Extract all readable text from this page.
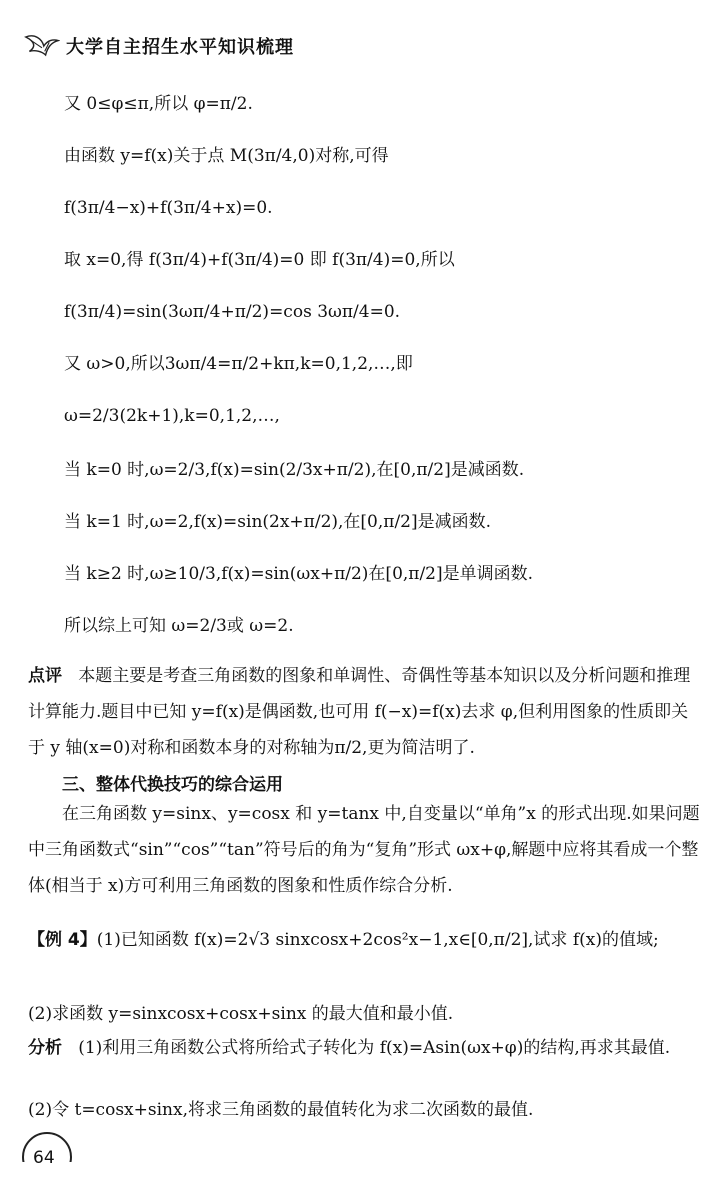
大学自主招生水平知识梳理
又 0≤φ≤π,所以 φ=π/2.
由函数 y=f(x)关于点 M(3π/4,0)对称,可得
f(3π/4−x)+f(3π/4+x)=0.
取 x=0,得 f(3π/4)+f(3π/4)=0 即 f(3π/4)=0,所以
f(3π/4)=sin(3ωπ/4+π/2)=cos 3ωπ/4=0.
又 ω>0,所以3ωπ/4=π/2+kπ,k=0,1,2,…,即
ω=2/3(2k+1),k=0,1,2,…,
当 k=0 时,ω=2/3,f(x)=sin(2/3x+π/2),在[0,π/2]是减函数.
当 k=1 时,ω=2,f(x)=sin(2x+π/2),在[0,π/2]是减函数.
当 k≥2 时,ω≥10/3,f(x)=sin(ωx+π/2)在[0,π/2]是单调函数.
所以综上可知 ω=2/3或 ω=2.
点评 本题主要是考查三角函数的图象和单调性、奇偶性等基本知识以及分析问题和推理计算能力.题目中已知 y=f(x)是偶函数,也可用 f(−x)=f(x)去求 φ,但利用图象的性质即关于 y 轴(x=0)对称和函数本身的对称轴为π/2,更为简洁明了.
三、整体代换技巧的综合运用
在三角函数 y=sinx、y=cosx 和 y=tanx 中,自变量以“单角”x 的形式出现.如果问题中三角函数式“sin”“cos”“tan”符号后的角为“复角”形式 ωx+φ,解题中应将其看成一个整体(相当于 x)方可利用三角函数的图象和性质作综合分析.
【例 4】(1)已知函数 f(x)=2√3 sinxcosx+2cos²x−1,x∈[0,π/2],试求 f(x)的值域;
(2)求函数 y=sinxcosx+cosx+sinx 的最大值和最小值.
分析 (1)利用三角函数公式将所给式子转化为 f(x)=Asin(ωx+φ)的结构,再求其最值.
(2)令 t=cosx+sinx,将求三角函数的最值转化为求二次函数的最值.
64
